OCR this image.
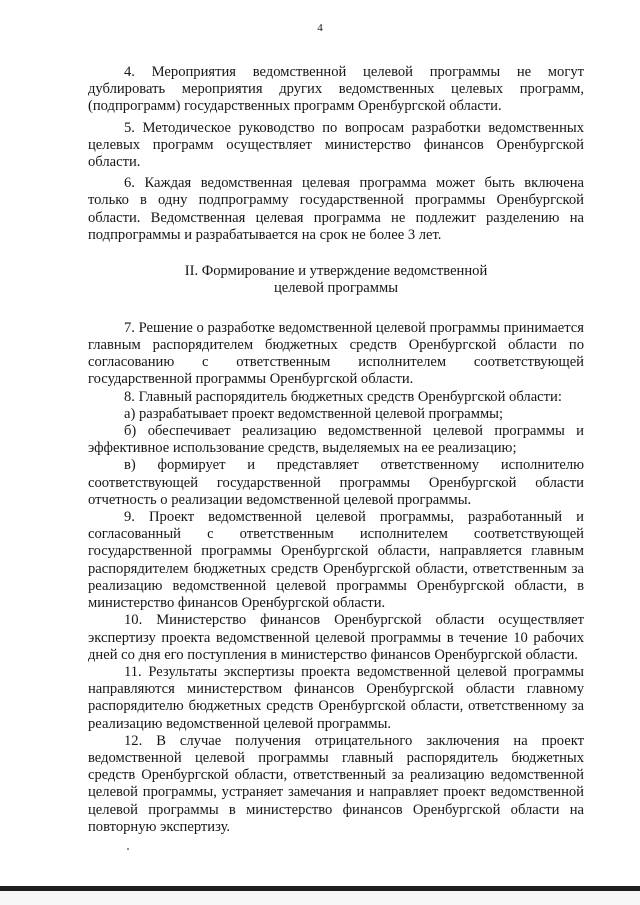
4

4. Мероприятия ведомственной целевой программы не могут дублировать мероприятия других ведомственных целевых программ, (подпрограмм) государственных программ Оренбургской области.

5. Методическое руководство по вопросам разработки ведомственных целевых программ осуществляет министерство финансов Оренбургской области.

6. Каждая ведомственная целевая программа может быть включена только в одну подпрограмму государственной программы Оренбургской области. Ведомственная целевая программа не подлежит разделению на подпрограммы и разрабатывается на срок не более 3 лет.

II. Формирование и утверждение ведомственной
целевой программы

7. Решение о разработке ведомственной целевой программы принимается главным распорядителем бюджетных средств Оренбургской области по согласованию с ответственным исполнителем соответствующей государственной программы Оренбургской области.

8. Главный распорядитель бюджетных средств Оренбургской области:

а) разрабатывает проект ведомственной целевой программы;

б) обеспечивает реализацию ведомственной целевой программы и эффективное использование средств, выделяемых на ее реализацию;

в) формирует и представляет ответственному исполнителю соответствующей государственной программы Оренбургской области отчетность о реализации ведомственной целевой программы.

9. Проект ведомственной целевой программы, разработанный и согласованный с ответственным исполнителем соответствующей государственной программы Оренбургской области, направляется главным распорядителем бюджетных средств Оренбургской области, ответственным за реализацию ведомственной целевой программы Оренбургской области, в министерство финансов Оренбургской области.

10. Министерство финансов Оренбургской области осуществляет экспертизу проекта ведомственной целевой программы в течение 10 рабочих дней со дня его поступления в министерство финансов Оренбургской области.

11. Результаты экспертизы проекта ведомственной целевой программы направляются министерством финансов Оренбургской области главному распорядителю бюджетных средств Оренбургской области, ответственному за реализацию ведомственной целевой программы.

12. В случае получения отрицательного заключения на проект ведомственной целевой программы главный распорядитель бюджетных средств Оренбургской области, ответственный за реализацию ведомственной целевой программы, устраняет замечания и направляет проект ведомственной целевой программы в министерство финансов Оренбургской области на повторную экспертизу.
